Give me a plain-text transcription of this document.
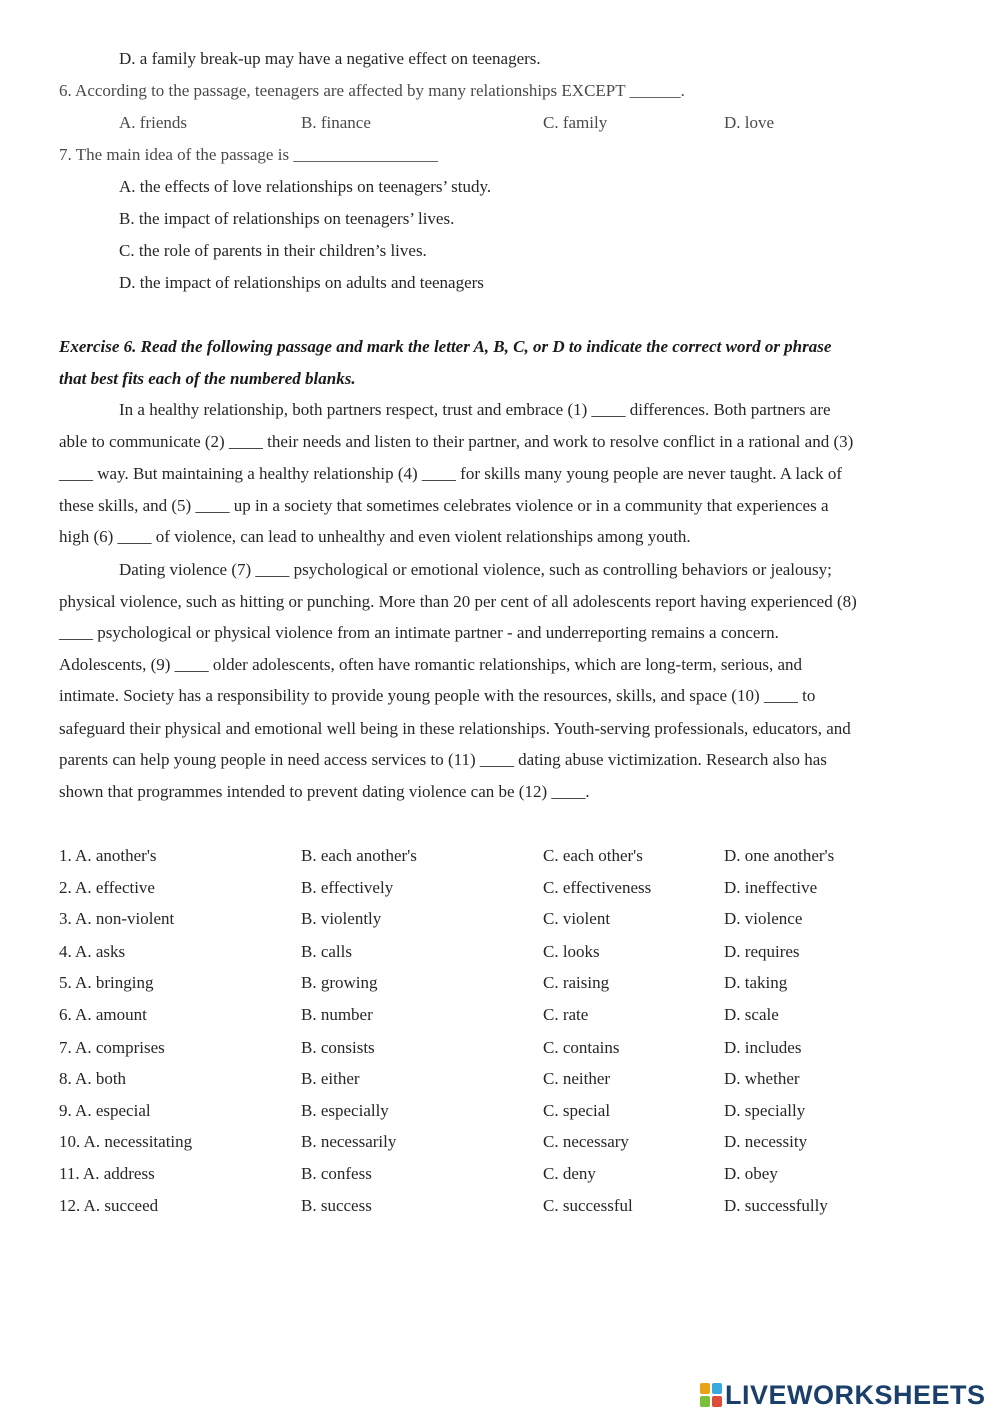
D. a family break-up may have a negative effect on teenagers.
6. According to the passage, teenagers are affected by many relationships EXCEPT ______.
A. friends	B. finance	C. family	D. love
7. The main idea of the passage is _________________
A. the effects of love relationships on teenagers’ study.
B. the impact of relationships on teenagers’ lives.
C. the role of parents in their children’s lives.
D. the impact of relationships on adults and teenagers
Exercise 6. Read the following passage and mark the letter A, B, C, or D to indicate the correct word or phrase
that best fits each of the numbered blanks.
In a healthy relationship, both partners respect, trust and embrace (1) ____ differences. Both partners are
able to communicate (2) ____ their needs and listen to their partner, and work to resolve conflict in a rational and (3)
____ way. But maintaining a healthy relationship (4) ____ for skills many young people are never taught. A lack of
these skills, and (5) ____ up in a society that sometimes celebrates violence or in a community that experiences a
high (6) ____ of violence, can lead to unhealthy and even violent relationships among youth.
Dating violence (7) ____ psychological or emotional violence, such as controlling behaviors or jealousy;
physical violence, such as hitting or punching. More than 20 per cent of all adolescents report having experienced (8)
____ psychological or physical violence from an intimate partner - and underreporting remains a concern.
Adolescents, (9) ____ older adolescents, often have romantic relationships, which are long-term, serious, and
intimate. Society has a responsibility to provide young people with the resources, skills, and space (10) ____ to
safeguard their physical and emotional well being in these relationships. Youth-serving professionals, educators, and
parents can help young people in need access services to (11) ____ dating abuse victimization. Research also has
shown that programmes intended to prevent dating violence can be (12) ____.
1. A. another's	B. each another's	C. each other's	D. one another's
2. A. effective	B. effectively	C. effectiveness	D. ineffective
3. A. non-violent	B. violently	C. violent	D. violence
4. A. asks	B. calls	C. looks	D. requires
5. A. bringing	B. growing	C. raising	D. taking
6. A. amount	B. number	C. rate	D. scale
7. A. comprises	B. consists	C. contains	D. includes
8. A. both	B. either	C. neither	D. whether
9. A. especial	B. especially	C. special	D. specially
10. A. necessitating	B. necessarily	C. necessary	D. necessity
11. A. address	B. confess	C. deny	D. obey
12. A. succeed	B. success	C. successful	D. successfully
LIVEWORKSHEETS
